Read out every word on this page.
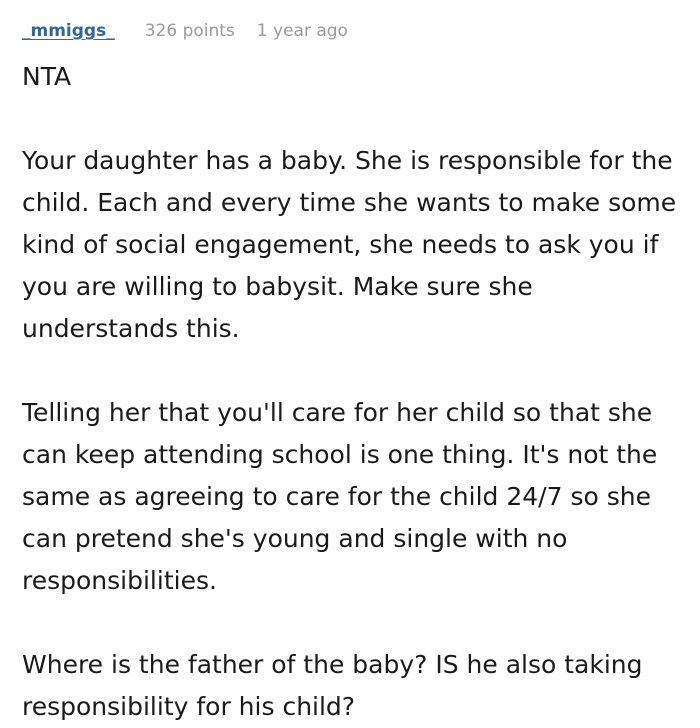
_mmiggs_ 326 points 1 year ago

NTA

Your daughter has a baby. She is responsible for the child. Each and every time she wants to make some kind of social engagement, she needs to ask you if you are willing to babysit. Make sure she understands this.

Telling her that you'll care for her child so that she can keep attending school is one thing. It's not the same as agreeing to care for the child 24/7 so she can pretend she's young and single with no responsibilities.

Where is the father of the baby? IS he also taking responsibility for his child?
